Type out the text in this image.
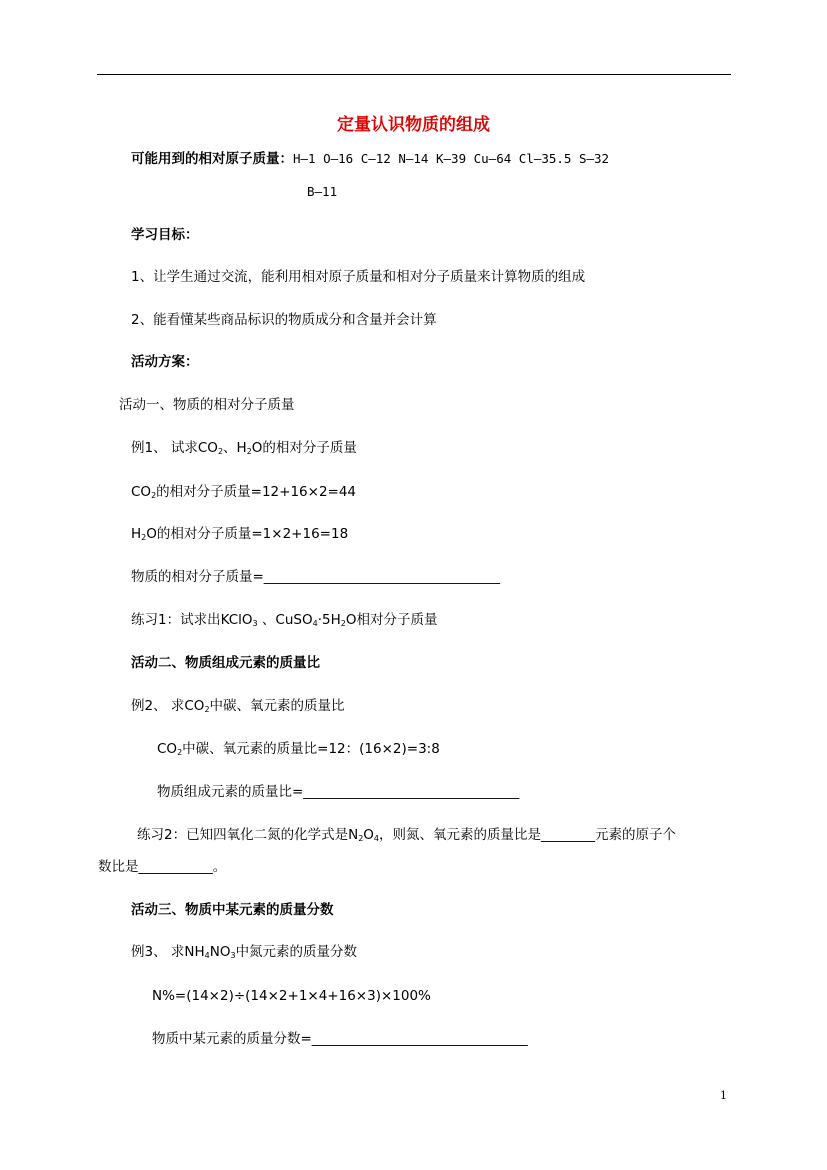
定量认识物质的组成
可能用到的相对原子质量：H—1 O—16 C—12 N—14 K—39 Cu—64 Cl—35.5 S—32
B—11
学习目标：
1、让学生通过交流，能利用相对原子质量和相对分子质量来计算物质的组成
2、能看懂某些商品标识的物质成分和含量并会计算
活动方案：
活动一、物质的相对分子质量
例1、 试求$CO_2$、$H_2O$的相对分子质量
$CO_2$的相对分子质量=12+16×2=44
$H_2O$的相对分子质量=1×2+16=18
物质的相对分子质量=___________________________________
练习1：试求出KClO$_3$ 、$CuSO_4\cdot 5H_2O$相对分子质量
活动二、物质组成元素的质量比
例2、 求$CO_2$中碳、氧元素的质量比
$CO_2$中碳、氧元素的质量比=12：(16×2)=3:8
物质组成元素的质量比=________________________________
练习2：已知四氧化二氮的化学式是$N_2O_4$，则氮、氧元素的质量比是________元素的原子个
数比是___________。
活动三、物质中某元素的质量分数
例3、 求$NH_4NO_3$中氮元素的质量分数
N%=(14×2)÷(14×2+1×4+16×3)×100%
物质中某元素的质量分数=________________________________
1
